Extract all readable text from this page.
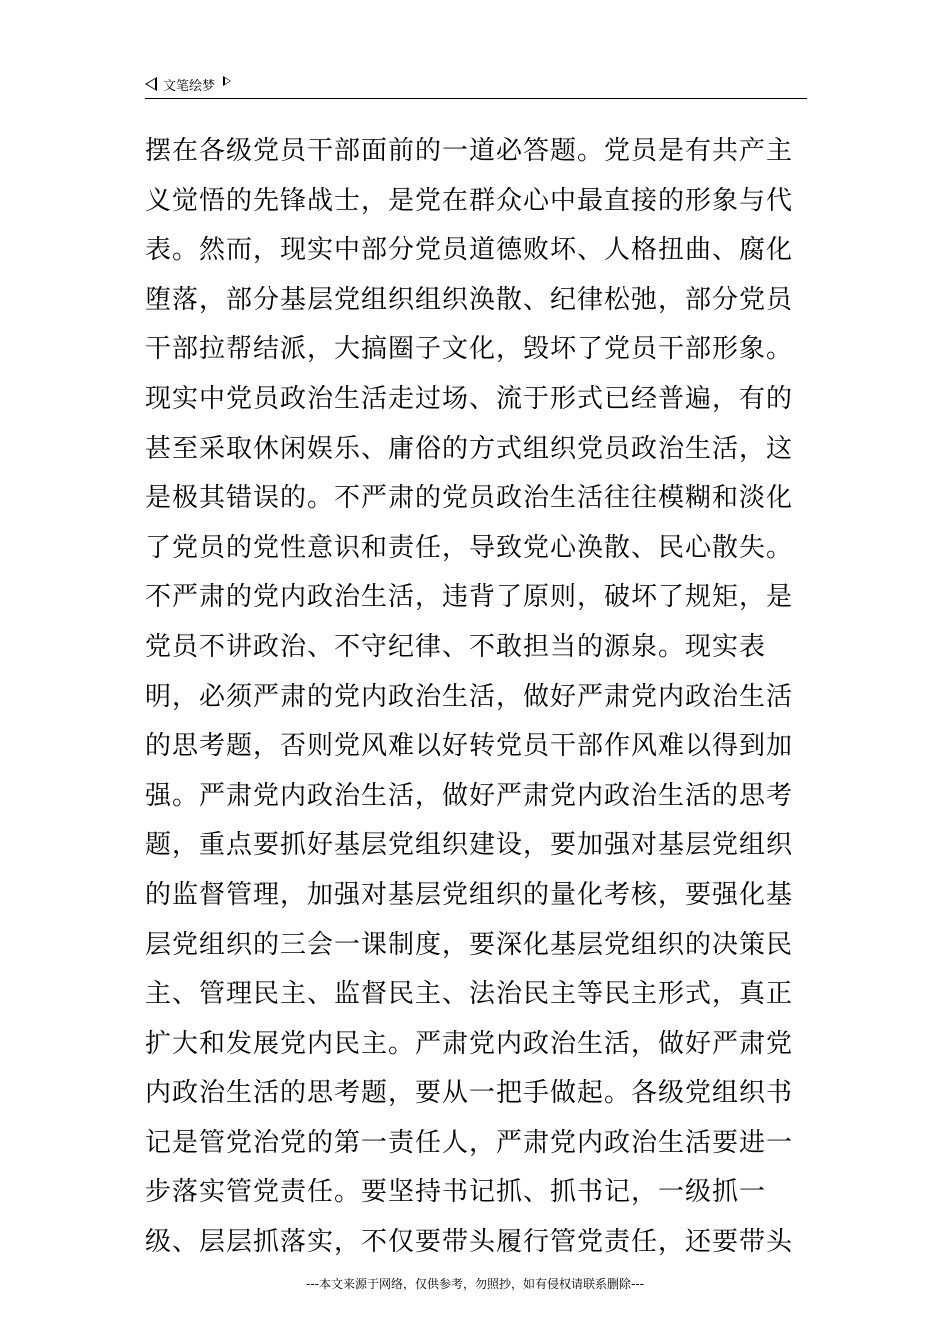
文笔绘梦

摆在各级党员干部面前的一道必答题。党员是有共产主义觉悟的先锋战士，是党在群众心中最直接的形象与代表。然而，现实中部分党员道德败坏、人格扭曲、腐化堕落，部分基层党组织组织涣散、纪律松弛，部分党员干部拉帮结派，大搞圈子文化，毁坏了党员干部形象。现实中党员政治生活走过场、流于形式已经普遍，有的甚至采取休闲娱乐、庸俗的方式组织党员政治生活，这是极其错误的。不严肃的党员政治生活往往模糊和淡化了党员的党性意识和责任，导致党心涣散、民心散失。不严肃的党内政治生活，违背了原则，破坏了规矩，是党员不讲政治、不守纪律、不敢担当的源泉。现实表明，必须严肃的党内政治生活，做好严肃党内政治生活的思考题，否则党风难以好转党员干部作风难以得到加强。严肃党内政治生活，做好严肃党内政治生活的思考题，重点要抓好基层党组织建设，要加强对基层党组织的监督管理，加强对基层党组织的量化考核，要强化基层党组织的三会一课制度，要深化基层党组织的决策民主、管理民主、监督民主、法治民主等民主形式，真正扩大和发展党内民主。严肃党内政治生活，做好严肃党内政治生活的思考题，要从一把手做起。各级党组织书记是管党治党的第一责任人，严肃党内政治生活要进一步落实管党责任。要坚持书记抓、抓书记，一级抓一级、层层抓落实，不仅要带头履行管党责任，还要带头

---本文来源于网络，仅供参考，勿照抄，如有侵权请联系删除---
